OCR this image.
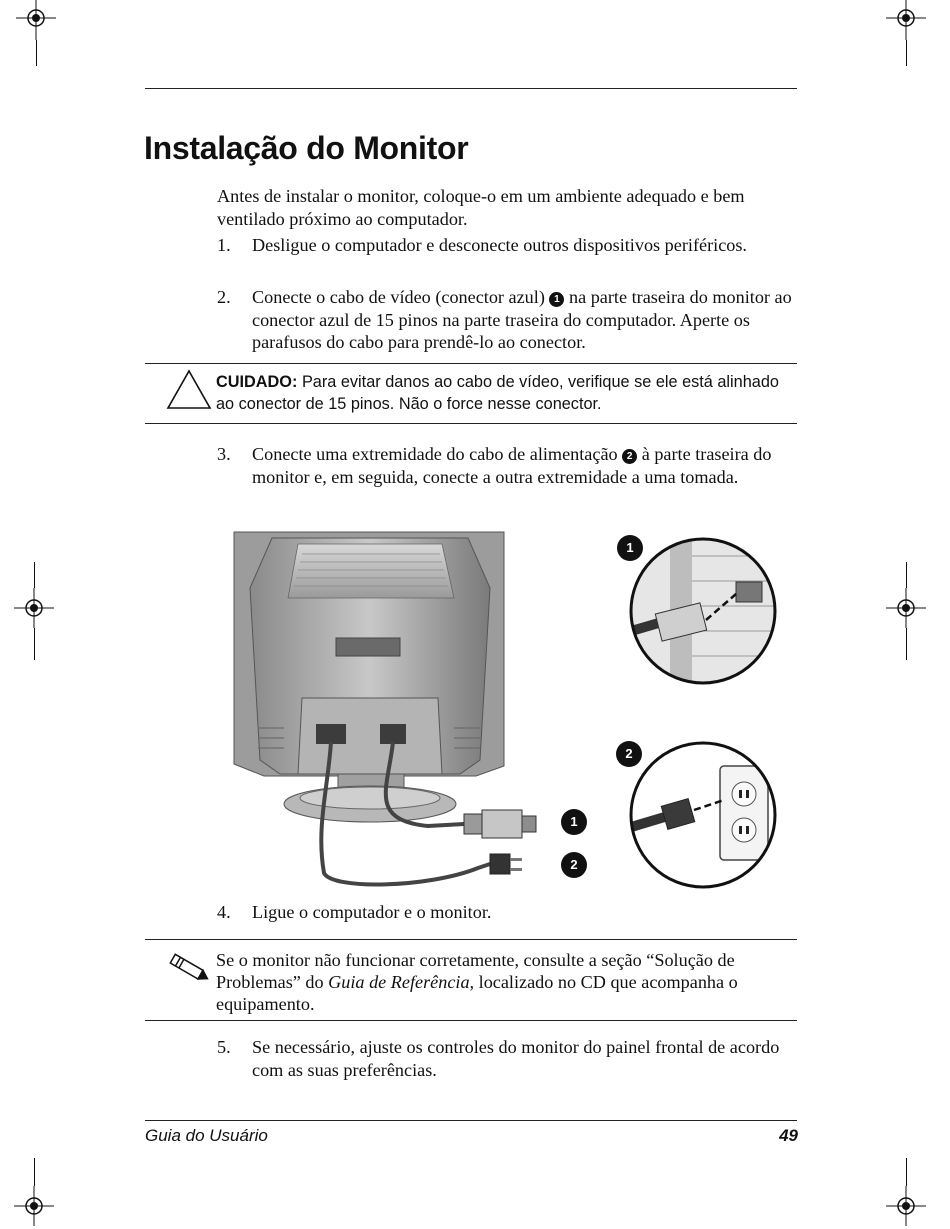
Instalação do Monitor

Antes de instalar o monitor, coloque-o em um ambiente adequado e bem ventilado próximo ao computador.

1. Desligue o computador e desconecte outros dispositivos periféricos.
2. Conecte o cabo de vídeo (conector azul) 1 na parte traseira do monitor ao conector azul de 15 pinos na parte traseira do computador. Aperte os parafusos do cabo para prendê-lo ao conector.
CUIDADO: Para evitar danos ao cabo de vídeo, verifique se ele está alinhado ao conector de 15 pinos. Não o force nesse conector.
3. Conecte uma extremidade do cabo de alimentação 2 à parte traseira do monitor e, em seguida, conecte a outra extremidade a uma tomada.
1
2
1
2
4. Ligue o computador e o monitor.
Se o monitor não funcionar corretamente, consulte a seção “Solução de Problemas” do Guia de Referência, localizado no CD que acompanha o equipamento.
5. Se necessário, ajuste os controles do monitor do painel frontal de acordo com as suas preferências.
Guia do Usuário	49
